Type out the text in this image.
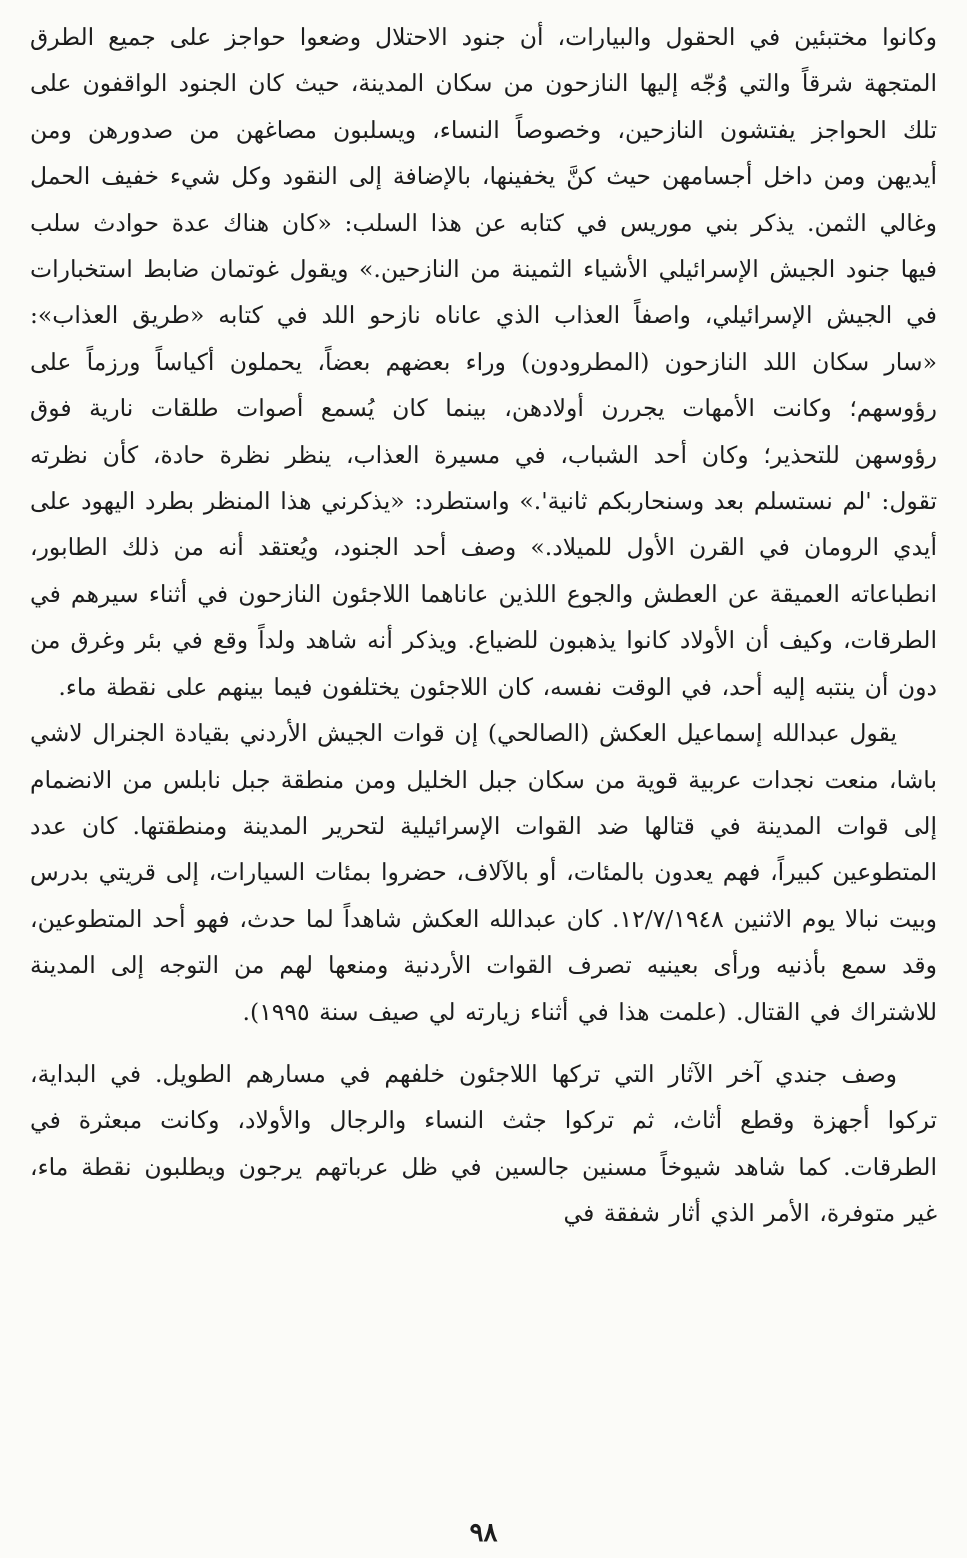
وكانوا مختبئين في الحقول والبيارات، أن جنود الاحتلال وضعوا حواجز على جميع الطرق المتجهة شرقاً والتي وُجّه إليها النازحون من سكان المدينة، حيث كان الجنود الواقفون على تلك الحواجز يفتشون النازحين، وخصوصاً النساء، ويسلبون مصاغهن من صدورهن ومن أيديهن ومن داخل أجسامهن حيث كنَّ يخفينها، بالإضافة إلى النقود وكل شيء خفيف الحمل وغالي الثمن. يذكر بني موريس في كتابه عن هذا السلب: «كان هناك عدة حوادث سلب فيها جنود الجيش الإسرائيلي الأشياء الثمينة من النازحين.» ويقول غوتمان ضابط استخبارات في الجيش الإسرائيلي، واصفاً العذاب الذي عاناه نازحو اللد في كتابه «طريق العذاب»: «سار سكان اللد النازحون (المطرودون) وراء بعضهم بعضاً، يحملون أكياساً ورزماً على رؤوسهم؛ وكانت الأمهات يجررن أولادهن، بينما كان يُسمع أصوات طلقات نارية فوق رؤوسهن للتحذير؛ وكان أحد الشباب، في مسيرة العذاب، ينظر نظرة حادة، كأن نظرته تقول: 'لم نستسلم بعد وسنحاربكم ثانية'.» واستطرد: «يذكرني هذا المنظر بطرد اليهود على أيدي الرومان في القرن الأول للميلاد.» وصف أحد الجنود، ويُعتقد أنه من ذلك الطابور، انطباعاته العميقة عن العطش والجوع اللذين عاناهما اللاجئون النازحون في أثناء سيرهم في الطرقات، وكيف أن الأولاد كانوا يذهبون للضياع. ويذكر أنه شاهد ولداً وقع في بئر وغرق من دون أن ينتبه إليه أحد، في الوقت نفسه، كان اللاجئون يختلفون فيما بينهم على نقطة ماء.

يقول عبدالله إسماعيل العكش (الصالحي) إن قوات الجيش الأردني بقيادة الجنرال لاشي باشا، منعت نجدات عربية قوية من سكان جبل الخليل ومن منطقة جبل نابلس من الانضمام إلى قوات المدينة في قتالها ضد القوات الإسرائيلية لتحرير المدينة ومنطقتها. كان عدد المتطوعين كبيراً، فهم يعدون بالمئات، أو بالآلاف، حضروا بمئات السيارات، إلى قريتي بدرس وبيت نبالا يوم الاثنين ١٢/٧/١٩٤٨. كان عبدالله العكش شاهداً لما حدث، فهو أحد المتطوعين، وقد سمع بأذنيه ورأى بعينيه تصرف القوات الأردنية ومنعها لهم من التوجه إلى المدينة للاشتراك في القتال. (علمت هذا في أثناء زيارته لي صيف سنة ١٩٩٥).

وصف جندي آخر الآثار التي تركها اللاجئون خلفهم في مسارهم الطويل. في البداية، تركوا أجهزة وقطع أثاث، ثم تركوا جثث النساء والرجال والأولاد، وكانت مبعثرة في الطرقات. كما شاهد شيوخاً مسنين جالسين في ظل عرباتهم يرجون ويطلبون نقطة ماء، غير متوفرة، الأمر الذي أثار شفقة في

٩٨
